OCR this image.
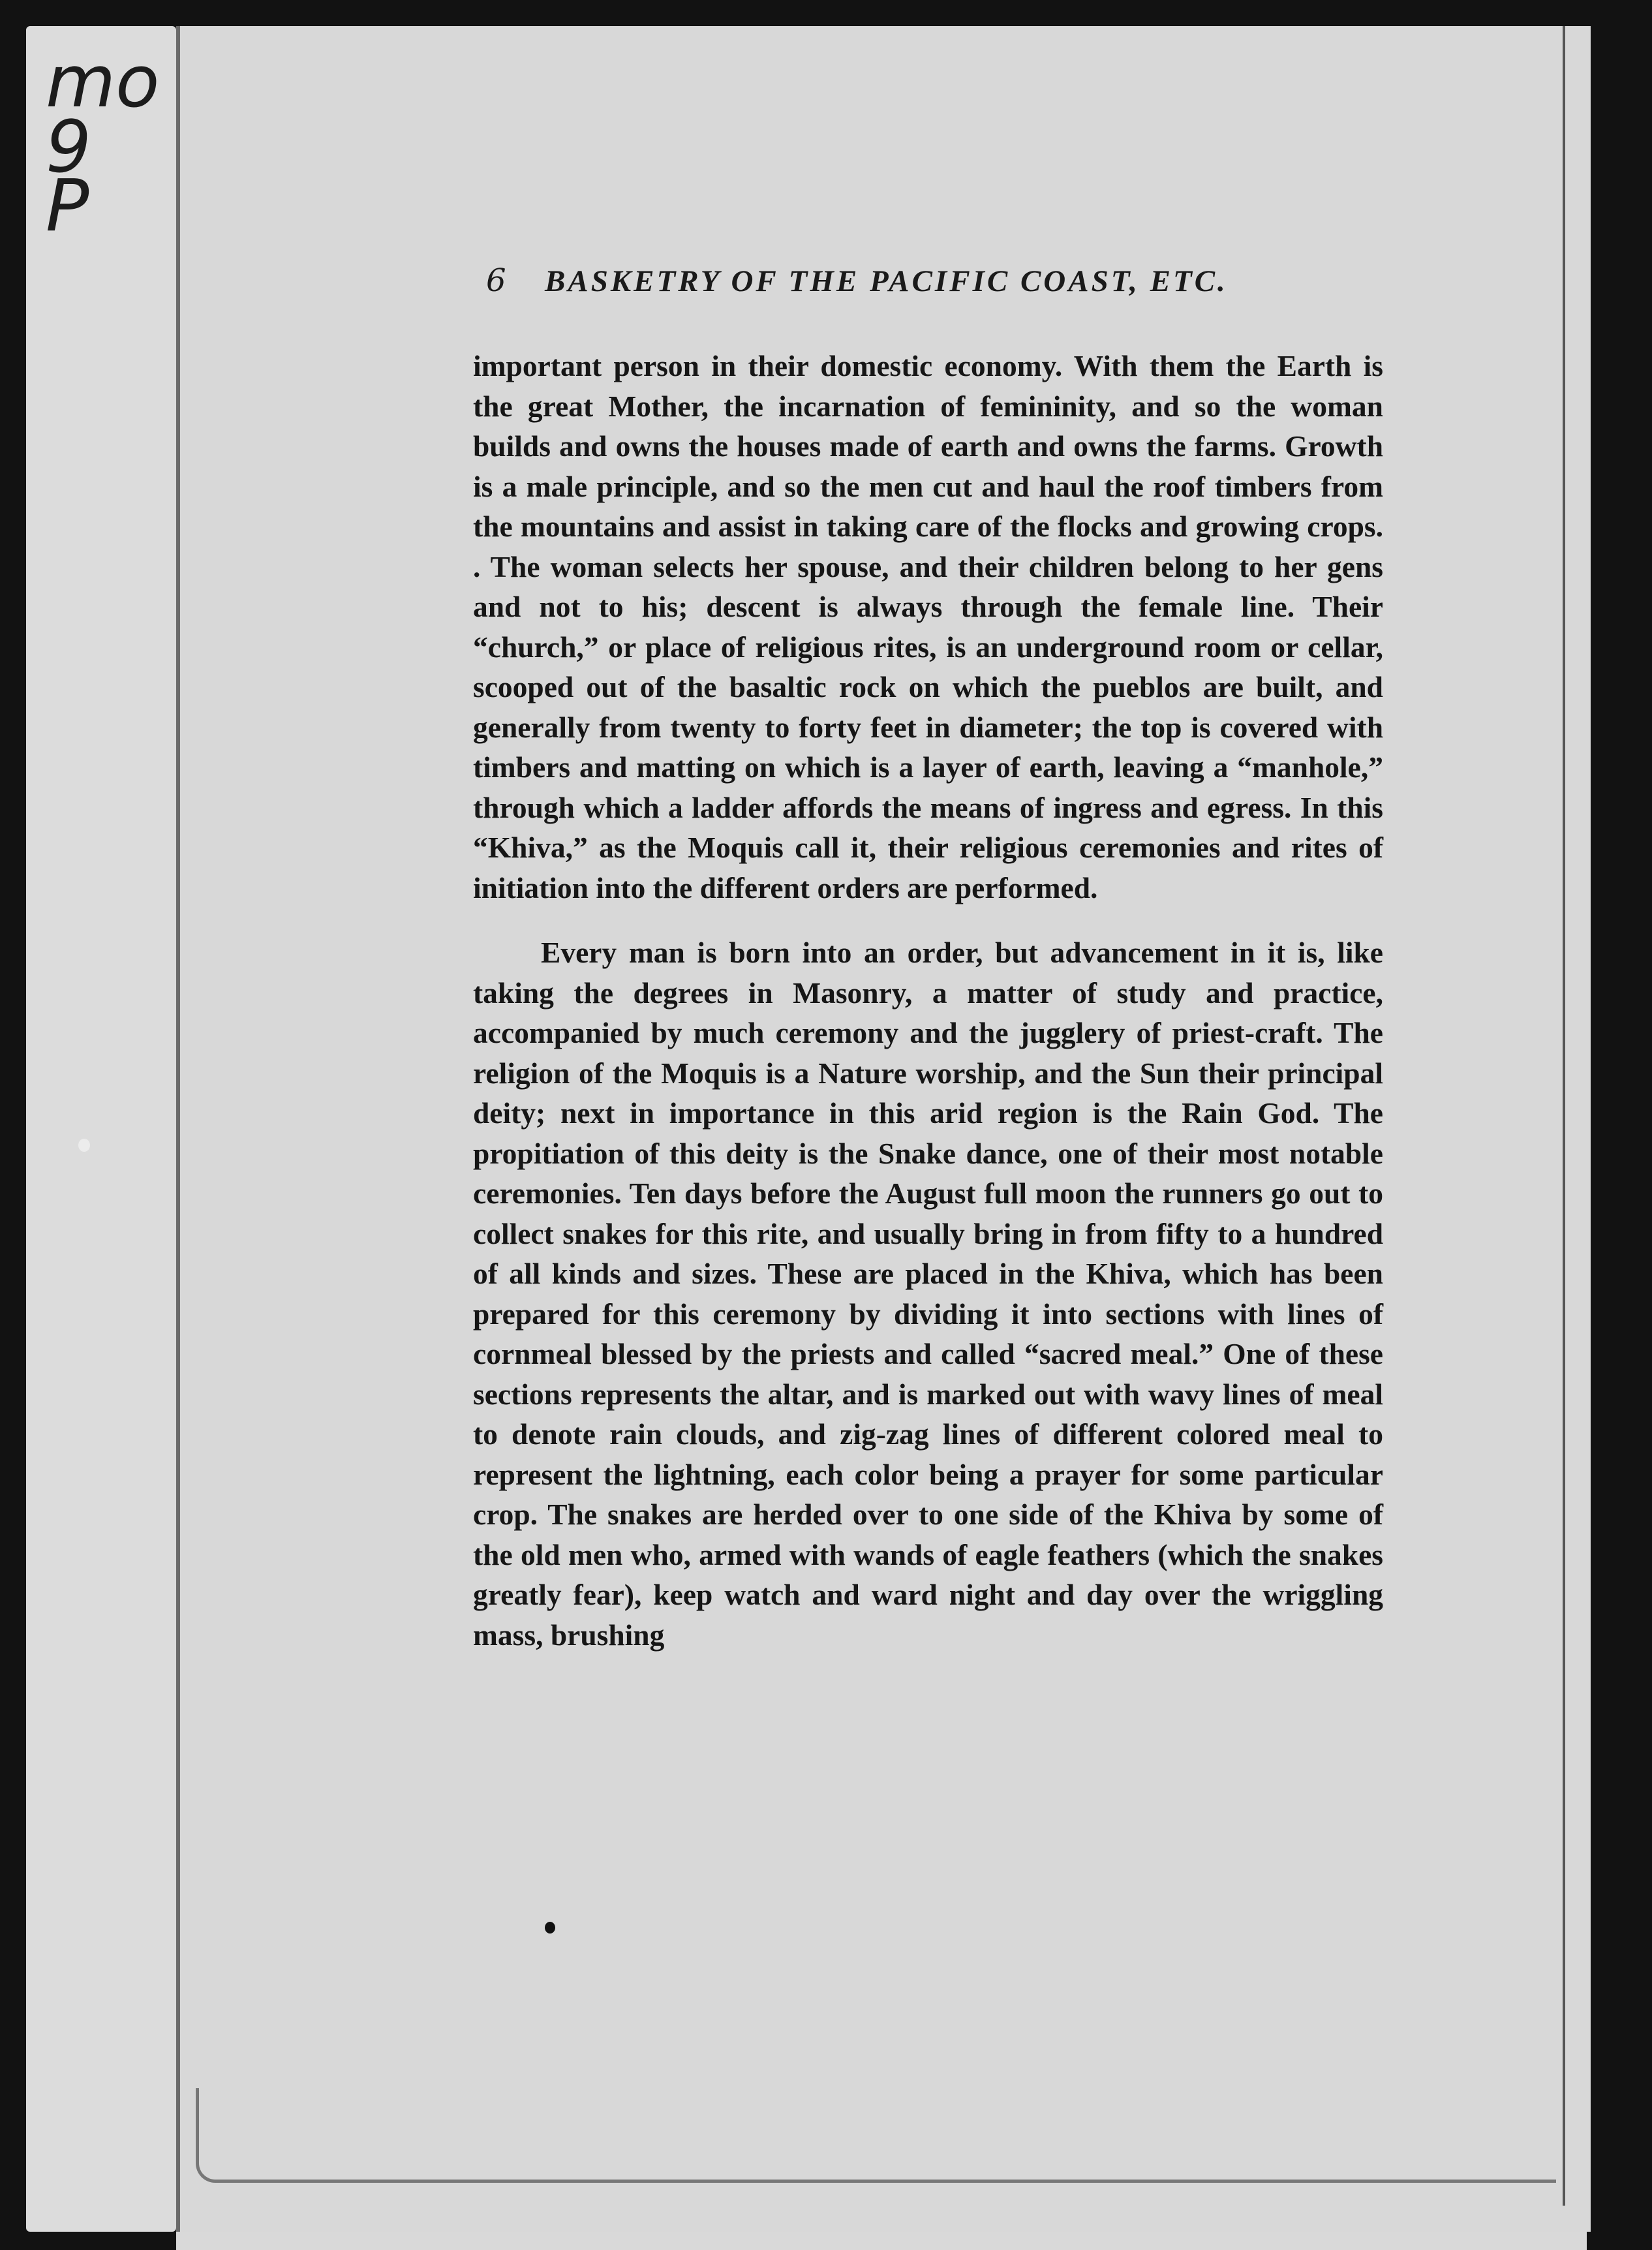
mo
9
P
6	BASKETRY OF THE PACIFIC COAST, ETC.

important person in their domestic economy. With them the Earth is the great Mother, the incarnation of femininity, and so the woman builds and owns the houses made of earth and owns the farms. Growth is a male principle, and so the men cut and haul the roof timbers from the mountains and assist in taking care of the flocks and growing crops. . The woman selects her spouse, and their children belong to her gens and not to his; descent is always through the female line. Their “church,” or place of religious rites, is an underground room or cellar, scooped out of the basaltic rock on which the pueblos are built, and generally from twenty to forty feet in diameter; the top is covered with timbers and matting on which is a layer of earth, leaving a “manhole,” through which a ladder affords the means of ingress and egress. In this “Khiva,” as the Moquis call it, their religious ceremonies and rites of initiation into the different orders are performed.

Every man is born into an order, but advancement in it is, like taking the degrees in Masonry, a matter of study and practice, accompanied by much ceremony and the jugglery of priest-craft. The religion of the Moquis is a Nature worship, and the Sun their principal deity; next in importance in this arid region is the Rain God. The propitiation of this deity is the Snake dance, one of their most notable ceremonies. Ten days before the August full moon the runners go out to collect snakes for this rite, and usually bring in from fifty to a hundred of all kinds and sizes. These are placed in the Khiva, which has been prepared for this ceremony by dividing it into sections with lines of cornmeal blessed by the priests and called “sacred meal.” One of these sections represents the altar, and is marked out with wavy lines of meal to denote rain clouds, and zig-zag lines of different colored meal to represent the lightning, each color being a prayer for some particular crop. The snakes are herded over to one side of the Khiva by some of the old men who, armed with wands of eagle feathers (which the snakes greatly fear), keep watch and ward night and day over the wriggling mass, brushing
